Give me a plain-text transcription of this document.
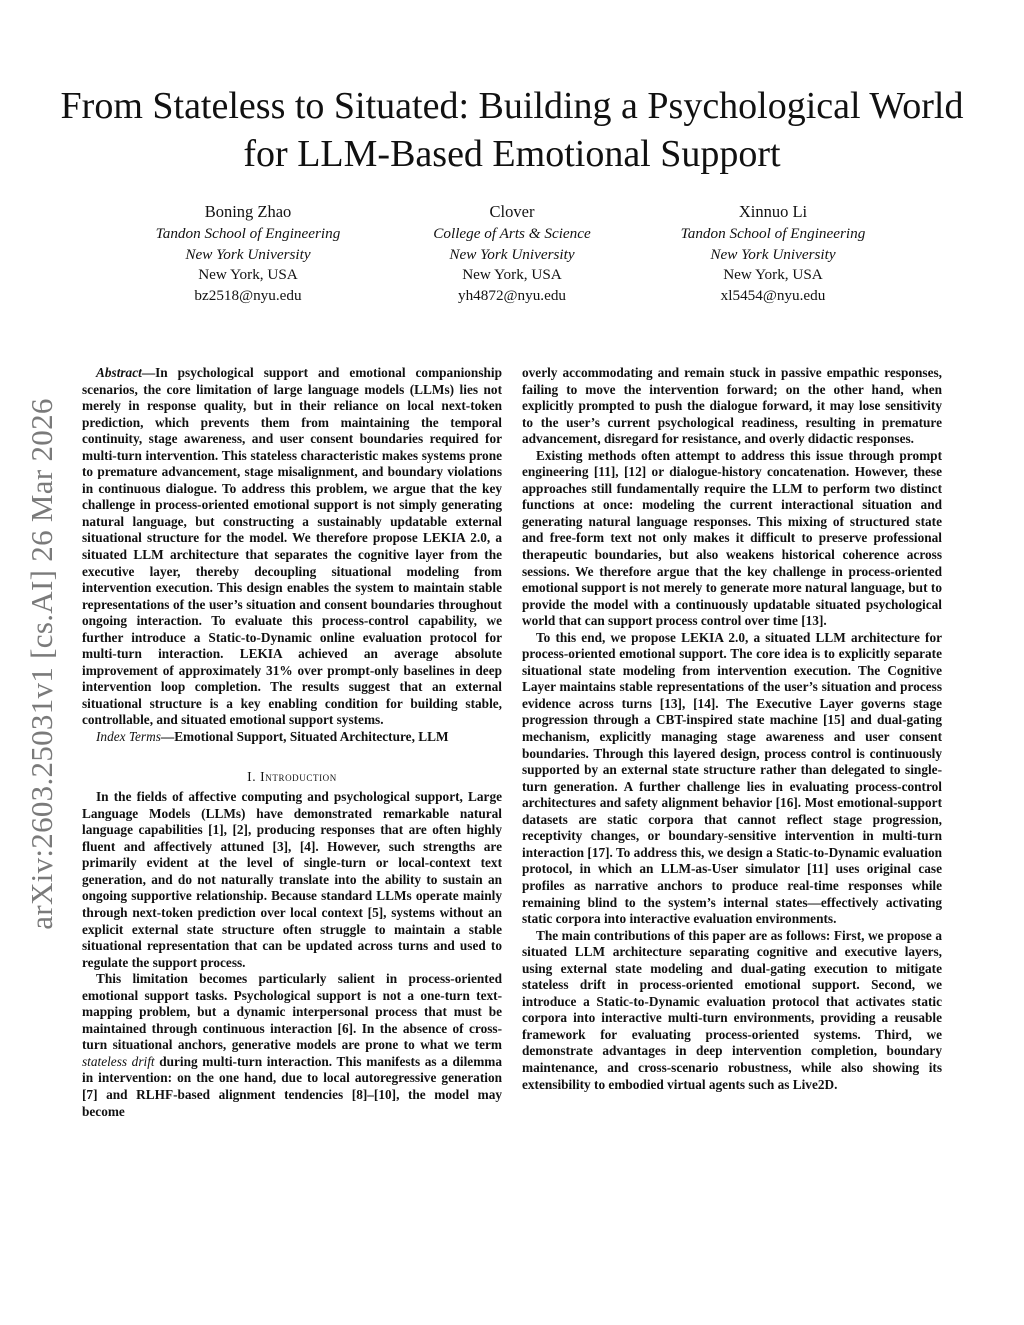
From Stateless to Situated: Building a Psychological World for LLM-Based Emotional Support
Boning Zhao
Tandon School of Engineering
New York University
New York, USA
bz2518@nyu.edu
Clover
College of Arts & Science
New York University
New York, USA
yh4872@nyu.edu
Xinnuo Li
Tandon School of Engineering
New York University
New York, USA
xl5454@nyu.edu
arXiv:2603.25031v1 [cs.AI] 26 Mar 2026

Abstract—In psychological support and emotional companionship scenarios, the core limitation of large language models (LLMs) lies not merely in response quality, but in their reliance on local next-token prediction, which prevents them from maintaining the temporal continuity, stage awareness, and user consent boundaries required for multi-turn intervention. This stateless characteristic makes systems prone to premature advancement, stage misalignment, and boundary violations in continuous dialogue. To address this problem, we argue that the key challenge in process-oriented emotional support is not simply generating natural language, but constructing a sustainably updatable external situational structure for the model. We therefore propose LEKIA 2.0, a situated LLM architecture that separates the cognitive layer from the executive layer, thereby decoupling situational modeling from intervention execution. This design enables the system to maintain stable representations of the user’s situation and consent boundaries throughout ongoing interaction. To evaluate this process-control capability, we further introduce a Static-to-Dynamic online evaluation protocol for multi-turn interaction. LEKIA achieved an average absolute improvement of approximately 31% over prompt-only baselines in deep intervention loop completion. The results suggest that an external situational structure is a key enabling condition for building stable, controllable, and situated emotional support systems.

Index Terms—Emotional Support, Situated Architecture, LLM

I. Introduction

In the fields of affective computing and psychological support, Large Language Models (LLMs) have demonstrated remarkable natural language capabilities [1], [2], producing responses that are often highly fluent and affectively attuned [3], [4]. However, such strengths are primarily evident at the level of single-turn or local-context text generation, and do not naturally translate into the ability to sustain an ongoing supportive relationship. Because standard LLMs operate mainly through next-token prediction over local context [5], systems without an explicit external state structure often struggle to maintain a stable situational representation that can be updated across turns and used to regulate the support process.

This limitation becomes particularly salient in process-oriented emotional support tasks. Psychological support is not a one-turn text-mapping problem, but a dynamic interpersonal process that must be maintained through continuous interaction [6]. In the absence of cross-turn situational anchors, generative models are prone to what we term stateless drift during multi-turn interaction. This manifests as a dilemma in intervention: on the one hand, due to local autoregressive generation [7] and RLHF-based alignment tendencies [8]–[10], the model may become

overly accommodating and remain stuck in passive empathic responses, failing to move the intervention forward; on the other hand, when explicitly prompted to push the dialogue forward, it may lose sensitivity to the user’s current psychological readiness, resulting in premature advancement, disregard for resistance, and overly didactic responses.

Existing methods often attempt to address this issue through prompt engineering [11], [12] or dialogue-history concatenation. However, these approaches still fundamentally require the LLM to perform two distinct functions at once: modeling the current interactional situation and generating natural language responses. This mixing of structured state and free-form text not only makes it difficult to preserve professional therapeutic boundaries, but also weakens historical coherence across sessions. We therefore argue that the key challenge in process-oriented emotional support is not merely to generate more natural language, but to provide the model with a continuously updatable situated psychological world that can support process control over time [13].

To this end, we propose LEKIA 2.0, a situated LLM architecture for process-oriented emotional support. The core idea is to explicitly separate situational state modeling from intervention execution. The Cognitive Layer maintains stable representations of the user’s situation and process evidence across turns [13], [14]. The Executive Layer governs stage progression through a CBT-inspired state machine [15] and dual-gating mechanism, explicitly managing stage awareness and user consent boundaries. Through this layered design, process control is continuously supported by an external state structure rather than delegated to single-turn generation. A further challenge lies in evaluating process-control architectures and safety alignment behavior [16]. Most emotional-support datasets are static corpora that cannot reflect stage progression, receptivity changes, or boundary-sensitive intervention in multi-turn interaction [17]. To address this, we design a Static-to-Dynamic evaluation protocol, in which an LLM-as-User simulator [11] uses original case profiles as narrative anchors to produce real-time responses while remaining blind to the system’s internal states—effectively activating static corpora into interactive evaluation environments.

The main contributions of this paper are as follows: First, we propose a situated LLM architecture separating cognitive and executive layers, using external state modeling and dual-gating execution to mitigate stateless drift in process-oriented emotional support. Second, we introduce a Static-to-Dynamic evaluation protocol that activates static corpora into interactive multi-turn environments, providing a reusable framework for evaluating process-oriented systems. Third, we demonstrate advantages in deep intervention completion, boundary maintenance, and cross-scenario robustness, while also showing its extensibility to embodied virtual agents such as Live2D.
